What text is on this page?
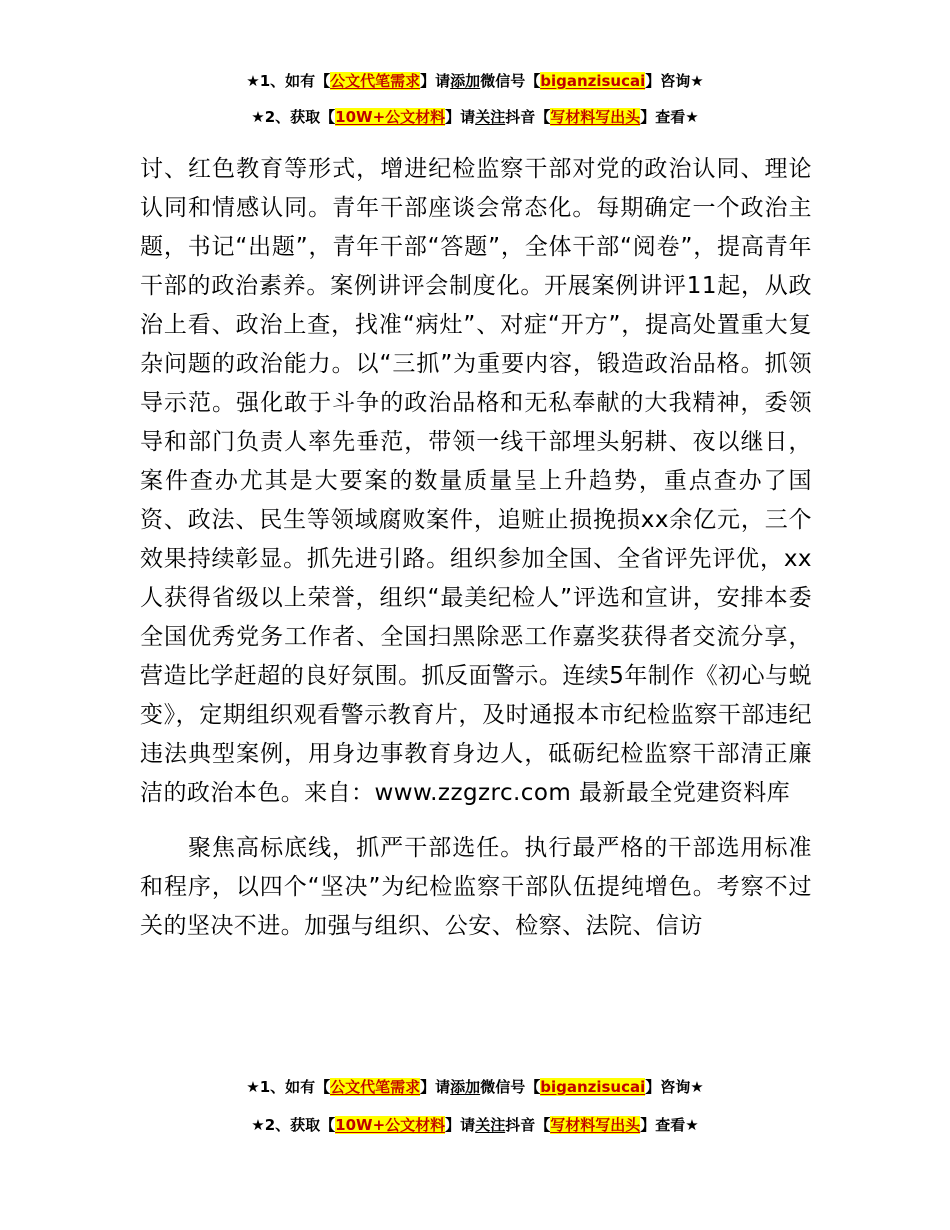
★1、如有【公文代笔需求】请添加微信号【biganzisucai】咨询★
★2、获取【10W+公文材料】请关注抖音【写材料写出头】查看★

讨、红色教育等形式，增进纪检监察干部对党的政治认同、理论认同和情感认同。青年干部座谈会常态化。每期确定一个政治主题，书记“出题”，青年干部“答题”，全体干部“阅卷”，提高青年干部的政治素养。案例讲评会制度化。开展案例讲评11起，从政治上看、政治上查，找准“病灶”、对症“开方”，提高处置重大复杂问题的政治能力。以“三抓”为重要内容，锻造政治品格。抓领导示范。强化敢于斗争的政治品格和无私奉献的大我精神，委领导和部门负责人率先垂范，带领一线干部埋头躬耕、夜以继日，案件查办尤其是大要案的数量质量呈上升趋势，重点查办了国资、政法、民生等领域腐败案件，追赃止损挽损xx余亿元，三个效果持续彰显。抓先进引路。组织参加全国、全省评先评优，xx人获得省级以上荣誉，组织“最美纪检人”评选和宣讲，安排本委全国优秀党务工作者、全国扫黑除恶工作嘉奖获得者交流分享，营造比学赶超的良好氛围。抓反面警示。连续5年制作《初心与蜕变》，定期组织观看警示教育片，及时通报本市纪检监察干部违纪违法典型案例，用身边事教育身边人，砥砺纪检监察干部清正廉洁的政治本色。来自：www.zzgzrc.com 最新最全党建资料库

聚焦高标底线，抓严干部选任。执行最严格的干部选用标准和程序，以四个“坚决”为纪检监察干部队伍提纯增色。考察不过关的坚决不进。加强与组织、公安、检察、法院、信访

★1、如有【公文代笔需求】请添加微信号【biganzisucai】咨询★
★2、获取【10W+公文材料】请关注抖音【写材料写出头】查看★
